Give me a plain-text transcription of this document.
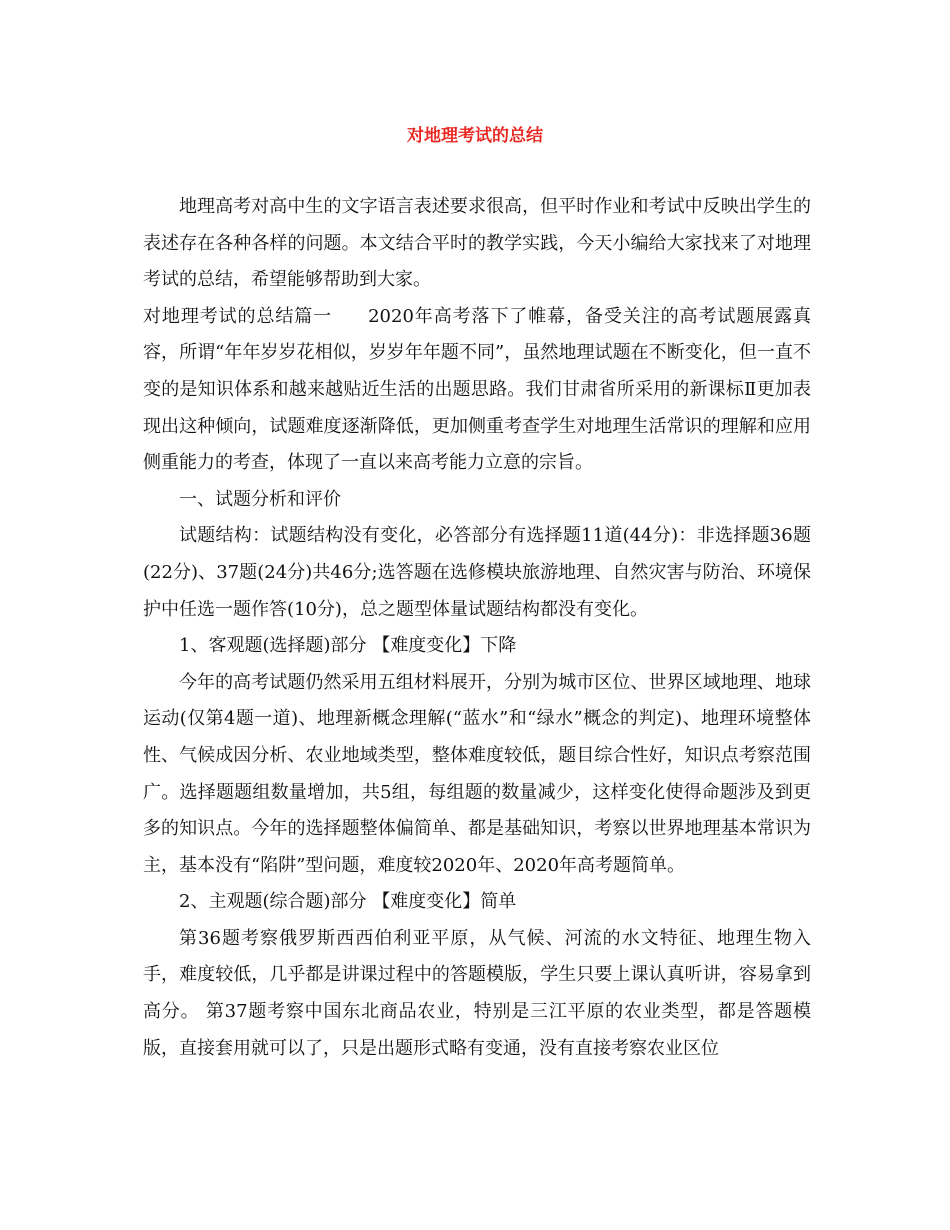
对地理考试的总结

地理高考对高中生的文字语言表述要求很高，但平时作业和考试中反映出学生的表述存在各种各样的问题。本文结合平时的教学实践，今天小编给大家找来了对地理考试的总结，希望能够帮助到大家。

对地理考试的总结篇一 2020年高考落下了帷幕，备受关注的高考试题展露真容，所谓“年年岁岁花相似，岁岁年年题不同”，虽然地理试题在不断变化，但一直不变的是知识体系和越来越贴近生活的出题思路。我们甘肃省所采用的新课标Ⅱ更加表现出这种倾向，试题难度逐渐降低，更加侧重考查学生对地理生活常识的理解和应用侧重能力的考查，体现了一直以来高考能力立意的宗旨。

一、试题分析和评价

试题结构：试题结构没有变化，必答部分有选择题11道(44分)：非选择题36题(22分)、37题(24分)共46分;选答题在选修模块旅游地理、自然灾害与防治、环境保护中任选一题作答(10分)，总之题型体量试题结构都没有变化。

1、客观题(选择题)部分 【难度变化】下降

今年的高考试题仍然采用五组材料展开，分别为城市区位、世界区域地理、地球运动(仅第4题一道)、地理新概念理解(“蓝水”和“绿水”概念的判定)、地理环境整体性、气候成因分析、农业地域类型，整体难度较低，题目综合性好，知识点考察范围广。选择题题组数量增加，共5组，每组题的数量减少，这样变化使得命题涉及到更多的知识点。今年的选择题整体偏简单、都是基础知识，考察以世界地理基本常识为主，基本没有“陷阱”型问题，难度较2020年、2020年高考题简单。

2、主观题(综合题)部分 【难度变化】简单

第36题考察俄罗斯西西伯利亚平原，从气候、河流的水文特征、地理生物入手，难度较低，几乎都是讲课过程中的答题模版，学生只要上课认真听讲，容易拿到高分。 第37题考察中国东北商品农业，特别是三江平原的农业类型，都是答题模版，直接套用就可以了，只是出题形式略有变通，没有直接考察农业区位
